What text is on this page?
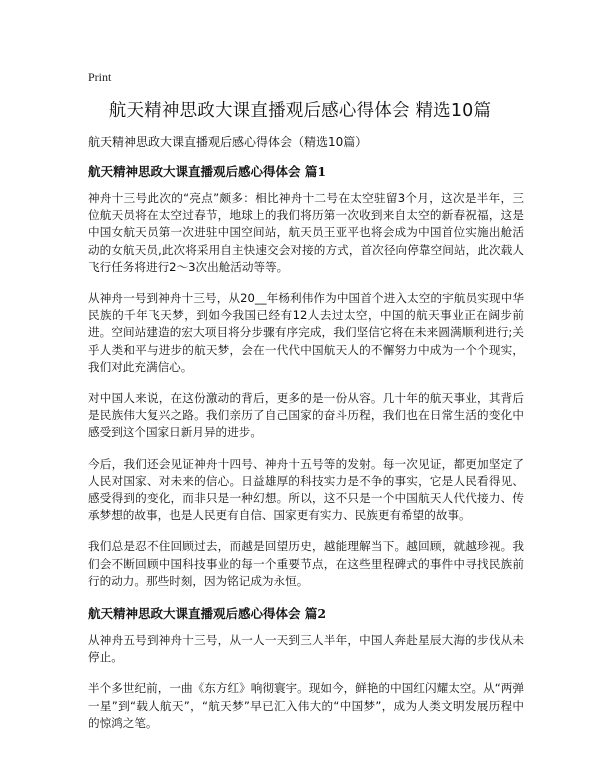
Print
航天精神思政大课直播观后感心得体会 精选10篇
航天精神思政大课直播观后感心得体会（精选10篇）
航天精神思政大课直播观后感心得体会 篇1

神舟十三号此次的“亮点”颇多：相比神舟十二号在太空驻留3个月，这次是半年，三位航天员将在太空过春节，地球上的我们将历第一次收到来自太空的新春祝福，这是中国女航天员第一次进驻中国空间站，航天员王亚平也将会成为中国首位实施出舱活动的女航天员,此次将采用自主快速交会对接的方式，首次径向停靠空间站，此次载人飞行任务将进行2～3次出舱活动等等。

从神舟一号到神舟十三号，从20__年杨利伟作为中国首个进入太空的宇航员实现中华民族的千年飞天梦，到如今我国已经有12人去过太空，中国的航天事业正在阔步前进。空间站建造的宏大项目将分步骤有序完成，我们坚信它将在未来圆满顺利进行;关乎人类和平与进步的航天梦，会在一代代中国航天人的不懈努力中成为一个个现实，我们对此充满信心。

对中国人来说，在这份激动的背后，更多的是一份从容。几十年的航天事业，其背后是民族伟大复兴之路。我们亲历了自己国家的奋斗历程，我们也在日常生活的变化中感受到这个国家日新月异的进步。

今后，我们还会见证神舟十四号、神舟十五号等的发射。每一次见证，都更加坚定了人民对国家、对未来的信心。日益雄厚的科技实力是不争的事实，它是人民看得见、感受得到的变化，而非只是一种幻想。所以，这不只是一个中国航天人代代接力、传承梦想的故事，也是人民更有自信、国家更有实力、民族更有希望的故事。

我们总是忍不住回顾过去，而越是回望历史，越能理解当下。越回顾，就越珍视。我们会不断回顾中国科技事业的每一个重要节点，在这些里程碑式的事件中寻找民族前行的动力。那些时刻，因为铭记成为永恒。

航天精神思政大课直播观后感心得体会 篇2

从神舟五号到神舟十三号，从一人一天到三人半年，中国人奔赴星辰大海的步伐从未停止。

半个多世纪前，一曲《东方红》响彻寰宇。现如今，鲜艳的中国红闪耀太空。从“两弹一星”到“载人航天”，“航天梦”早已汇入伟大的“中国梦”，成为人类文明发展历程中的惊鸿之笔。
